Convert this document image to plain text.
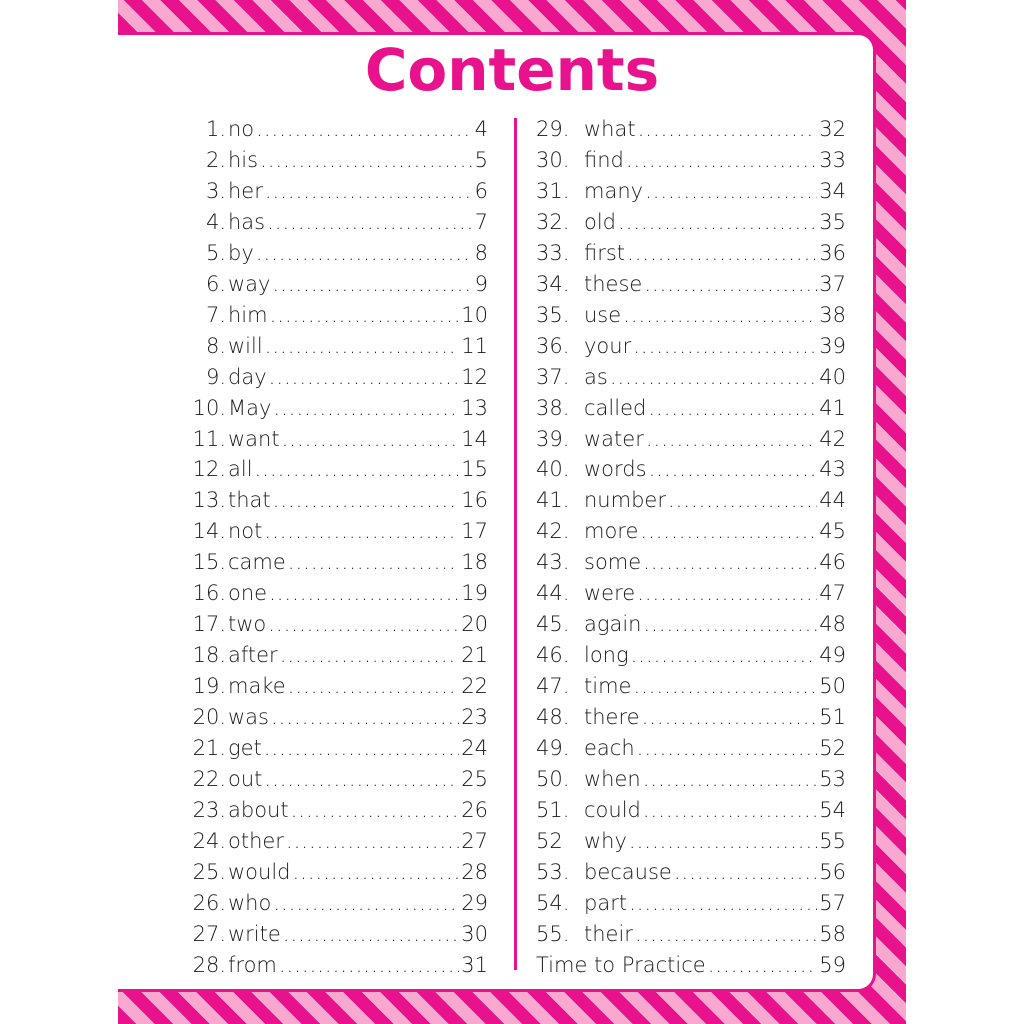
Contents
1. no .....	4
2. his .....	5
3. her .....	6
4. has .....	7
5. by .....	8
6. way .....	9
7. him .....	10
8. will .....	11
9. day .....	12
10. May .....	13
11. want .....	14
12. all .....	15
13. that .....	16
14. not .....	17
15. came .....	18
16. one .....	19
17. two .....	20
18. after .....	21
19. make .....	22
20. was .....	23
21. get .....	24
22. out .....	25
23. about .....	26
24. other .....	27
25. would .....	28
26. who .....	29
27. write .....	30
28. from .....	31
29. what .....	32
30. find .....	33
31. many .....	34
32. old .....	35
33. first .....	36
34. these .....	37
35. use .....	38
36. your .....	39
37. as .....	40
38. called .....	41
39. water .....	42
40. words .....	43
41. number .....	44
42. more .....	45
43. some .....	46
44. were .....	47
45. again .....	48
46. long .....	49
47. time .....	50
48. there .....	51
49. each .....	52
50. when .....	53
51. could .....	54
52	why .....	55
53. because .....	56
54. part .....	57
55. their .....	58
Time to Practice .....	59
